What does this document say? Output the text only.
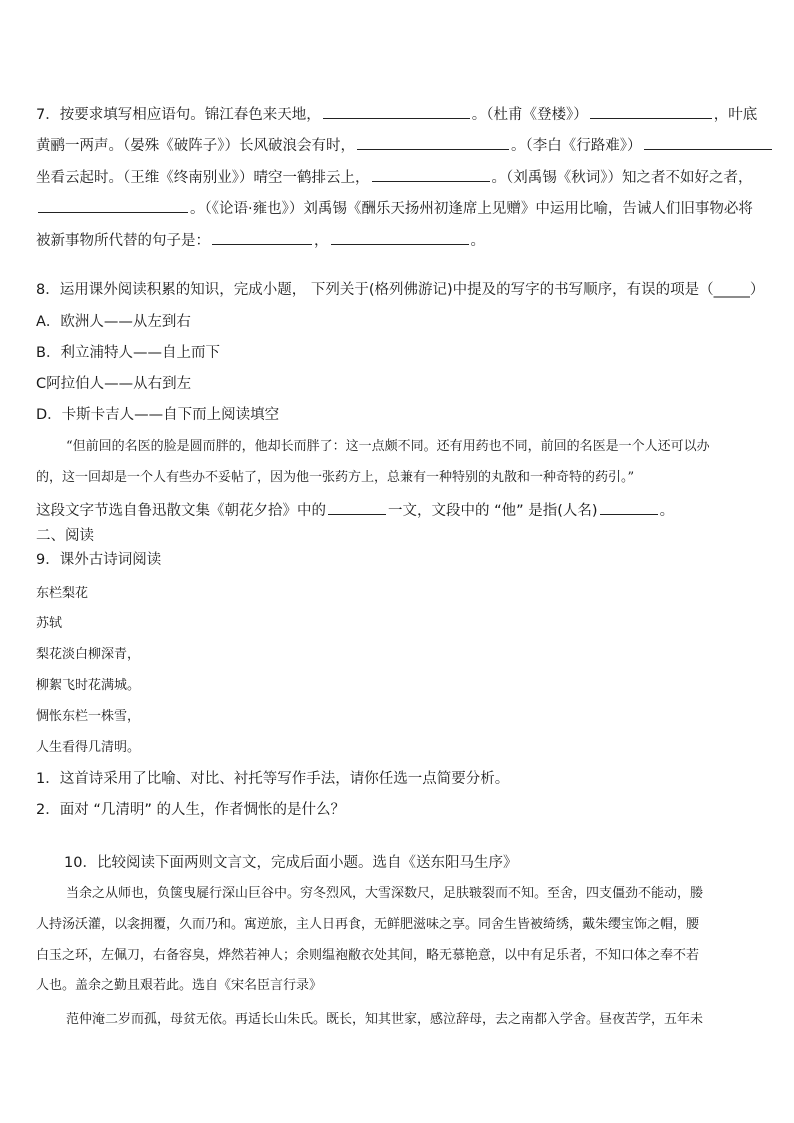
7．按要求填写相应语句。锦江春色来天地，	。（杜甫《登楼》）	，叶底
黄鹂一两声。（晏殊《破阵子》）长风破浪会有时，	。（李白《行路难》）
坐看云起时。（王维《终南别业》）晴空一鹤排云上，	。（刘禹锡《秋词》）知之者不如好之者，
。（《论语·雍也》）刘禹锡《酬乐天扬州初逢席上见赠》中运用比喻，告诫人们旧事物必将
被新事物所代替的句子是：	，	。
8．运用课外阅读积累的知识，完成小题， 下列关于(格列佛游记)中提及的写字的书写顺序，有误的项是（_____）
A．欧洲人——从左到右
B．利立浦特人——自上而下
C阿拉伯人——从右到左
D．卡斯卡吉人——自下而上阅读填空
“但前回的名医的脸是圆而胖的，他却长而胖了：这一点颇不同。还有用药也不同，前回的名医是一个人还可以办
的，这一回却是一个人有些办不妥帖了，因为他一张药方上，总兼有一种特别的丸散和一种奇特的药引。”
这段文字节选自鲁迅散文集《朝花夕拾》中的	一文，文段中的 “他” 是指(人名)	。
二、阅读
9．课外古诗词阅读
东栏梨花
苏轼
梨花淡白柳深青，
柳絮飞时花满城。
惆怅东栏一株雪，
人生看得几清明。
1．这首诗采用了比喻、对比、衬托等写作手法，请你任选一点简要分析。
2．面对 “几清明” 的人生，作者惆怅的是什么？
10．比较阅读下面两则文言文，完成后面小题。选自《送东阳马生序》
当余之从师也，负箧曳屣行深山巨谷中。穷冬烈风，大雪深数尺，足肤皲裂而不知。至舍，四支僵劲不能动，媵
人持汤沃灌，以衾拥覆，久而乃和。寓逆旅，主人日再食，无鲜肥滋味之享。同舍生皆被绮绣，戴朱缨宝饰之帽，腰
白玉之环，左佩刀，右备容臭，烨然若神人；余则缊袍敝衣处其间，略无慕艳意，以中有足乐者，不知口体之奉不若
人也。盖余之勤且艰若此。选自《宋名臣言行录》
范仲淹二岁而孤，母贫无依。再适长山朱氏。既长，知其世家，感泣辞母，去之南都入学舍。昼夜苦学，五年未
